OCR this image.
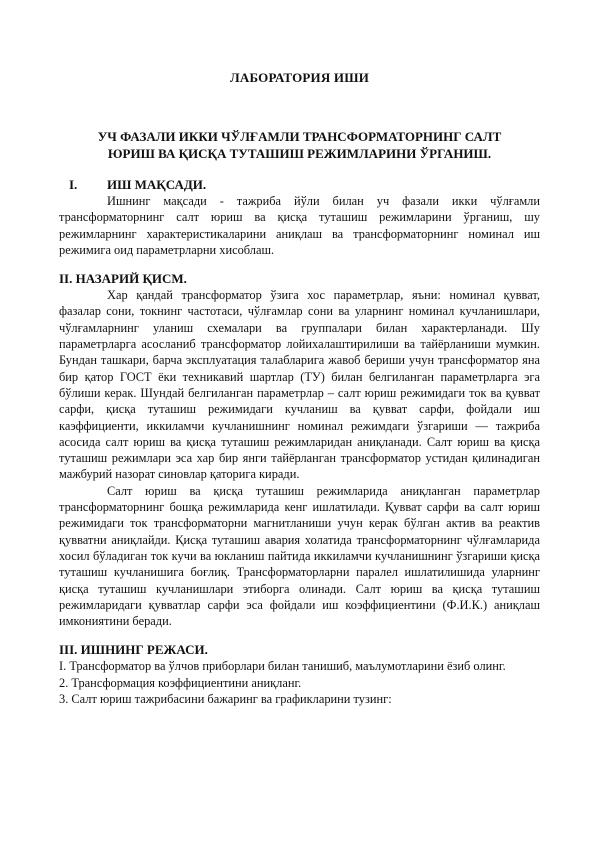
ЛАБОРАТОРИЯ ИШИ
УЧ ФАЗАЛИ ИККИ ЧЎЛҒАМЛИ ТРАНСФОРМАТОРНИНГ САЛТ
ЮРИШ ВА ҚИСҚА ТУТАШИШ РЕЖИМЛАРИНИ ЎРГАНИШ.
I. ИШ МАҚСАДИ.

Ишнинг мақсади - тажриба йўли билан уч фазали икки чўлғамли трансформаторнинг салт юриш ва қисқа туташиш режимларини ўрганиш, шу режимларнинг характеристикаларини аниқлаш ва трансформаторнинг номинал иш режимига оид параметрларни хисоблаш.

II. НАЗАРИЙ ҚИСМ.

Хар қандай трансформатор ўзига хос параметрлар, яъни: номинал қувват, фазалар сони, токнинг частотаси, чўлғамлар сони ва уларнинг номинал кучланишлари, чўлғамларнинг уланиш схемалари ва группалари билан характерланади. Шу параметрларга асосланиб трансформатор лойихалаштирилиши ва тайёрланиши мумкин. Бундан ташкари, барча эксплуатация талабларига жавоб бериши учун трансформатор яна бир қатор ГОСТ ёки техникавий шартлар (ТУ) билан белгиланган параметрларга эга бўлиши керак. Шундай белгиланган параметрлар – салт юриш режимидаги ток ва қувват сарфи, қисқа туташиш режимидаги кучланиш ва қувват сарфи, фойдали иш каэффициенти, иккиламчи кучланишнинг номинал режимдаги ўзгариши — тажриба асосида салт юриш ва қисқа туташиш режимларидан аниқланади. Салт юриш ва қисқа туташиш режимлари эса хар бир янги тайёрланган трансформатор устидан қилинадиган мажбурий назорат синовлар қаторига киради.

Салт юриш ва қисқа туташиш режимларида аниқланган параметрлар трансформаторнинг бошқа режимларида кенг ишлатилади. Қувват сарфи ва салт юриш режимидаги ток трансформаторни магнитланиши учун керак бўлган актив ва реактив қувватни аниқлайди. Қисқа туташиш авария холатида трансформаторнинг чўлғамларида хосил бўладиган ток кучи ва юкланиш пайтида иккиламчи кучланишнинг ўзгариши қисқа туташиш кучланишига боғлиқ. Трансформаторларни паралел ишлатилишида уларнинг қисқа туташиш кучланишлари этиборга олинади. Салт юриш ва қисқа туташиш режимларидаги қувватлар сарфи эса фойдали иш коэффициентини (Ф.И.К.) аниқлаш имкониятини беради.

III. ИШНИНГ РЕЖАСИ.

I. Трансформатор ва ўлчов приборлари билан танишиб, маълумотларини ёзиб олинг.

2. Трансформация коэффициентини аниқланг.

3. Салт юриш тажрибасини бажаринг ва графикларини тузинг:
